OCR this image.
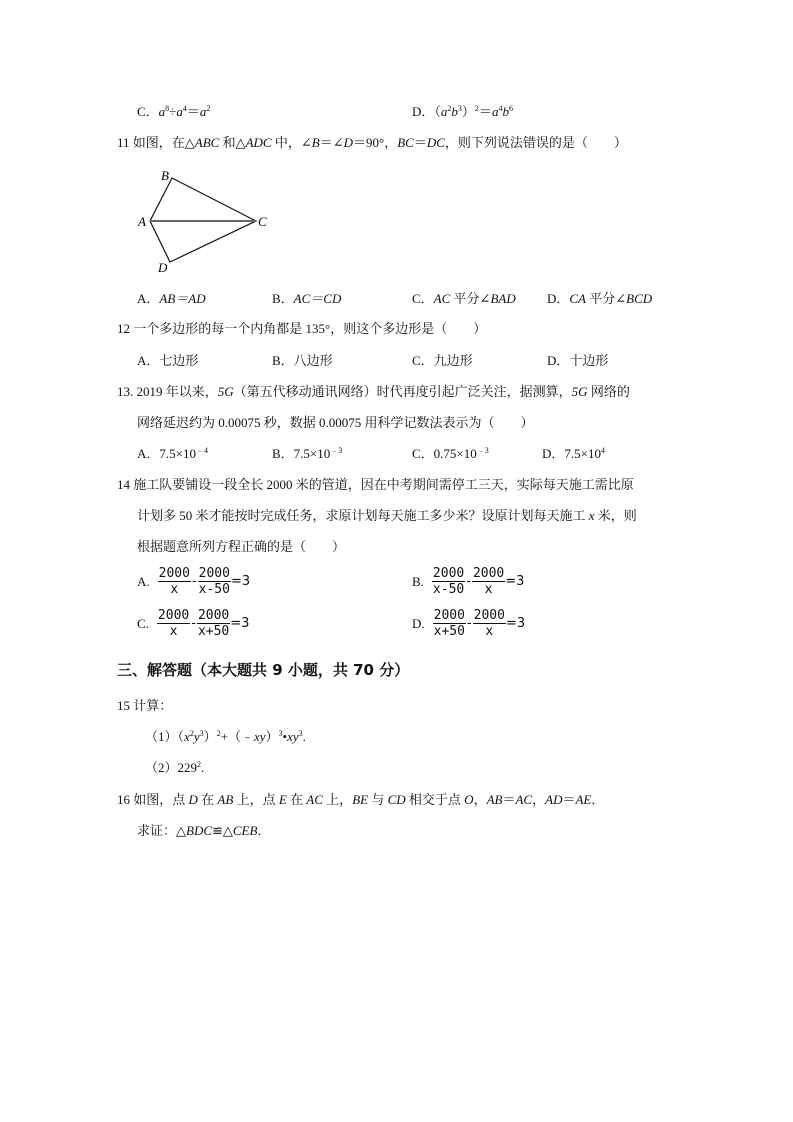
C．$a^8\div a^4=a^2$	D．$(a^2b^3)^2=a^4b^6$
11 如图，在△ABC 和△ADC 中，∠B＝∠D＝90°，BC＝DC，则下列说法错误的是（　　）
B
A	C
D
A．AB＝AD	B．AC＝CD	C．AC 平分∠BAD D．CA 平分∠BCD
12 一个多边形的每一个内角都是 135°，则这个多边形是（　　）
A．七边形	B．八边形	C．九边形	D．十边形
13. 2019 年以来，5G（第五代移动通讯网络）时代再度引起广泛关注，据测算，5G 网络的
网络延迟约为 0.00075 秒，数据 0.00075 用科学记数法表示为（　　）
A．$7.5\times 10^{﹣4}$	B．$7.5\times 10^{﹣3}$	C．$0.75\times 10^{﹣3}$	D．$7.5\times 10^4$
14 施工队要铺设一段全长 2000 米的管道，因在中考期间需停工三天，实际每天施工需比原
计划多 50 米才能按时完成任务，求原计划每天施工多少米？设原计划每天施工 x 米，则
根据题意所列方程正确的是（　　）
A. $\frac{2000}{x} - \frac{2000}{x-50} =3$	B. $\frac{2000}{x-50} - \frac{2000}{x} =3$
C. $\frac{2000}{x} - \frac{2000}{x+50} =3$	D. $\frac{2000}{x+50} - \frac{2000}{x} =3$
三、解答题（本大题共 9 小题，共 70 分）
15 计算：
$(1)(x^2y^3)^2+(﹣xy)^3•xy^3$.
$(2)229^2$.
16 如图，点 D 在 AB 上，点 E 在 AC 上，BE 与 CD 相交于点 O，AB＝AC，AD＝AE．
求证：△BDC≌△CEB．
